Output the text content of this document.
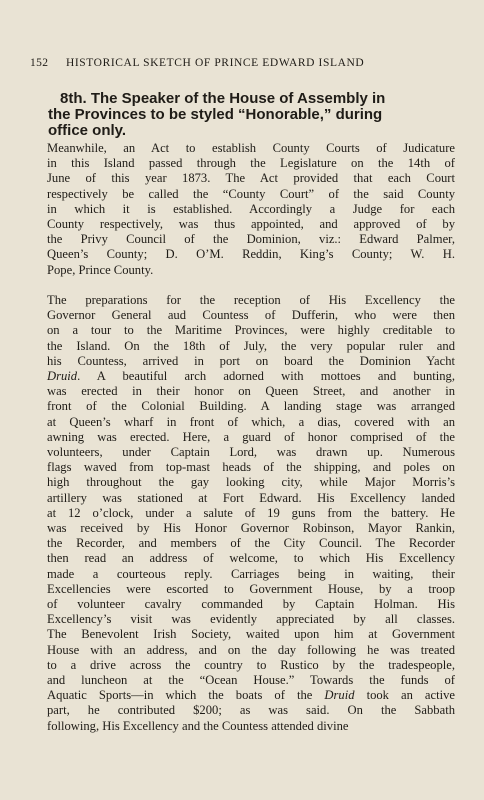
152 HISTORICAL SKETCH OF PRINCE EDWARD ISLAND
8th. The Speaker of the House of Assembly in
the Provinces to be styled “Honorable,” during
office only.
Meanwhile, an Act to establish County Courts of Judicature
in this Island passed through the Legislature on the 14th of
June of this year 1873. The Act provided that each Court
respectively be called the “County Court” of the said County
in which it is established. Accordingly a Judge for each
County respectively, was thus appointed, and approved of by
the Privy Council of the Dominion, viz.: Edward Palmer,
Queen’s County; D. O’M. Reddin, King’s County; W. H.
Pope, Prince County.
The preparations for the reception of His Excellency the
Governor General aud Countess of Dufferin, who were then
on a tour to the Maritime Provinces, were highly creditable to
the Island. On the 18th of July, the very popular ruler and
his Countess, arrived in port on board the Dominion Yacht
Druid. A beautiful arch adorned with mottoes and bunting,
was erected in their honor on Queen Street, and another in
front of the Colonial Building. A landing stage was arranged
at Queen’s wharf in front of which, a dias, covered with an
awning was erected. Here, a guard of honor comprised of the
volunteers, under Captain Lord, was drawn up. Numerous
flags waved from top-mast heads of the shipping, and poles on
high throughout the gay looking city, while Major Morris’s
artillery was stationed at Fort Edward. His Excellency landed
at 12 o’clock, under a salute of 19 guns from the battery. He
was received by His Honor Governor Robinson, Mayor Rankin,
the Recorder, and members of the City Council. The Recorder
then read an address of welcome, to which His Excellency
made a courteous reply. Carriages being in waiting, their
Excellencies were escorted to Government House, by a troop
of volunteer cavalry commanded by Captain Holman. His
Excellency’s visit was evidently appreciated by all classes.
The Benevolent Irish Society, waited upon him at Government
House with an address, and on the day following he was treated
to a drive across the country to Rustico by the tradespeople,
and luncheon at the “Ocean House.” Towards the funds of
Aquatic Sports—in which the boats of the Druid took an active
part, he contributed $200; as was said. On the Sabbath
following, His Excellency and the Countess attended divine
